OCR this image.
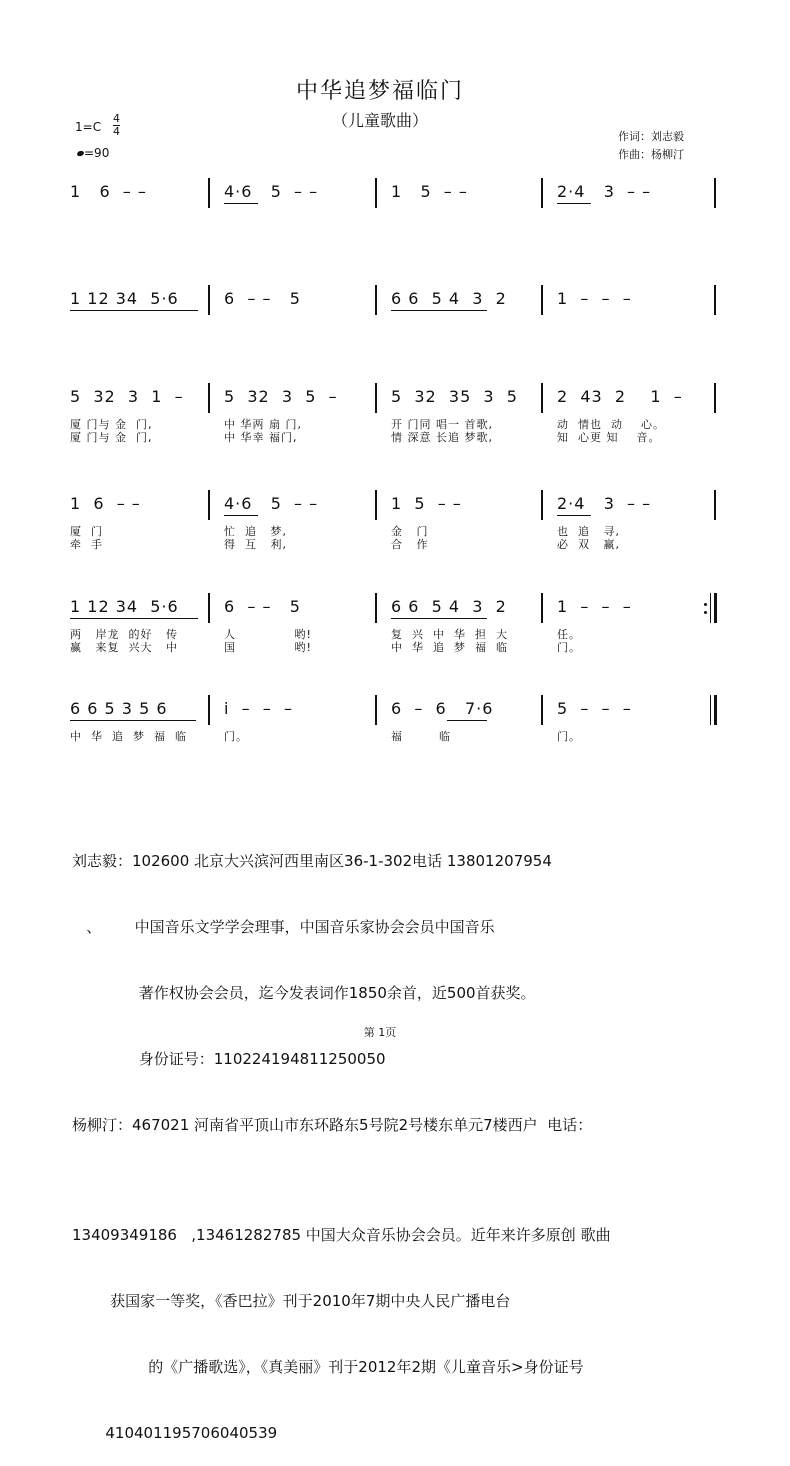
中华追梦福临门
（儿童歌曲）
$1=C \frac{4}{4}$
=90
作词：刘志毅
作曲：杨柳汀
1   6  – –	4·6   5  – –	1   5  – –	2·4   3  – –
1 12 34  5·6	6  – –   5	6 6  5 4  3  2	1  –  –  –
5  32  3  1  –
厦 门与 金  门,
厦 门与 金  门,
5  32  3  5  –
中 华两 扇 门,
中 华幸 福门,
5  32  35  3  5
开 门同 唱一 首歌,
情 深意 长追 梦歌,
2  43  2    1  –
动  情也  动    心。
知  心更 知    音。
1  6  – –
厦  门
牵  手
4·6   5  – –
忙  追   梦,
得  互   利,
1  5  – –
金   门
合   作
2·4   3  – –
也  追   寻,
必  双   赢,
1 12 34  5·6
两   岸龙  的好   传
赢   来复  兴大   中
6  – –   5
人             哟!
国             哟!
6 6  5 4  3  2
复  兴  中  华  担  大
中  华  追  梦  福  临
1  –  –  –
任。
门。
6 6 5 3 5 6
中  华  追  梦  福  临
i  –  –  –
门。
6  –  6   7·6
福        临
5  –  –  –
门。

刘志毅：102600 北京大兴滨河西里南区36-1-302电话 13801207954

、       中国音乐文学学会理事，中国音乐家协会会员中国音乐

著作权协会会员，迄今发表词作1850余首，近500首获奖。

身份证号：110224194811250050

杨柳汀：467021 河南省平顶山市东环路东5号院2号楼东单元7楼西户  电话：

13409349186   ,13461282785 中国大众音乐协会会员。近年来许多原创 歌曲

获国家一等奖，《香巴拉》刊于2010年7期中央人民广播电台

的《广播歌选》，《真美丽》刊于2012年2期《儿童音乐>身份证号

410401195706040539

第 1页
